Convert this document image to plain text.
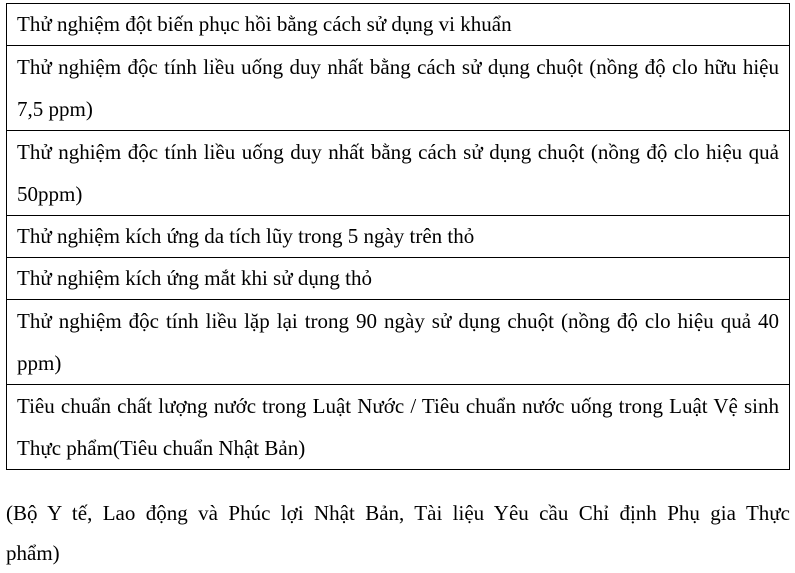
Thử nghiệm đột biến phục hồi bằng cách sử dụng vi khuẩn
Thử nghiệm độc tính liều uống duy nhất bằng cách sử dụng chuột (nồng độ clo hữu hiệu 7,5 ppm)
Thử nghiệm độc tính liều uống duy nhất bằng cách sử dụng chuột (nồng độ clo hiệu quả 50ppm)
Thử nghiệm kích ứng da tích lũy trong 5 ngày trên thỏ
Thử nghiệm kích ứng mắt khi sử dụng thỏ
Thử nghiệm độc tính liều lặp lại trong 90 ngày sử dụng chuột (nồng độ clo hiệu quả 40 ppm)
Tiêu chuẩn chất lượng nước trong Luật Nước / Tiêu chuẩn nước uống trong Luật Vệ sinh Thực phẩm(Tiêu chuẩn Nhật Bản)

(Bộ Y tế, Lao động và Phúc lợi Nhật Bản, Tài liệu Yêu cầu Chỉ định Phụ gia Thực phẩm)
